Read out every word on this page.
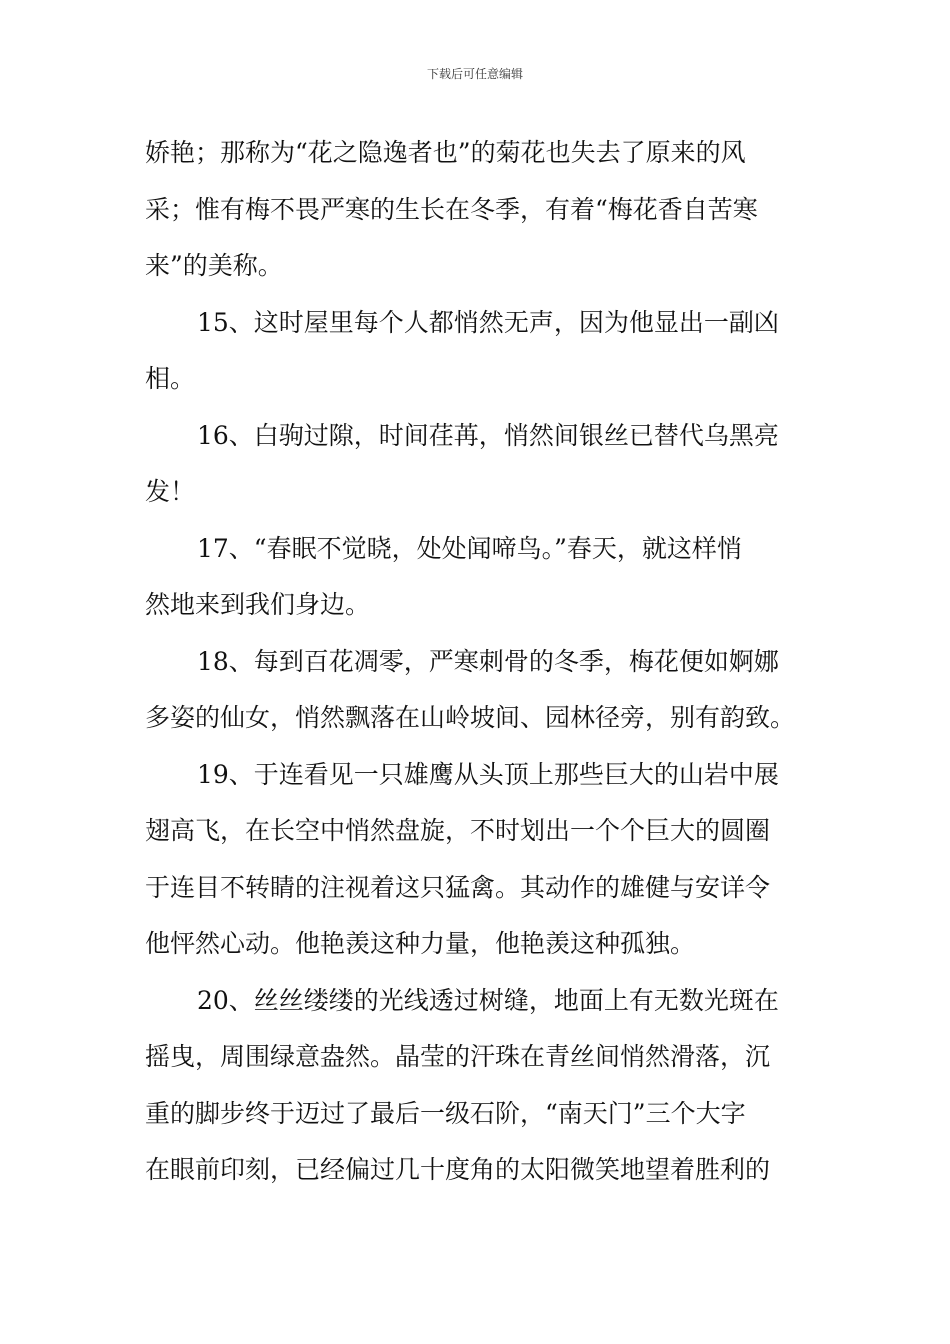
下载后可任意编辑
娇艳；那称为“花之隐逸者也”的菊花也失去了原来的风
采；惟有梅不畏严寒的生长在冬季，有着“梅花香自苦寒
来”的美称。
15、这时屋里每个人都悄然无声，因为他显出一副凶
相。
16、白驹过隙，时间荏苒，悄然间银丝已替代乌黑亮
发！
17、“春眠不觉晓，处处闻啼鸟。”春天，就这样悄
然地来到我们身边。
18、每到百花凋零，严寒刺骨的冬季，梅花便如婀娜
多姿的仙女，悄然飘落在山岭坡间、园林径旁，别有韵致。
19、于连看见一只雄鹰从头顶上那些巨大的山岩中展
翅高飞，在长空中悄然盘旋，不时划出一个个巨大的圆圈
于连目不转睛的注视着这只猛禽。其动作的雄健与安详令
他怦然心动。他艳羡这种力量，他艳羡这种孤独。
20、丝丝缕缕的光线透过树缝，地面上有无数光斑在
摇曳，周围绿意盎然。晶莹的汗珠在青丝间悄然滑落，沉
重的脚步终于迈过了最后一级石阶，“南天门”三个大字
在眼前印刻，已经偏过几十度角的太阳微笑地望着胜利的
